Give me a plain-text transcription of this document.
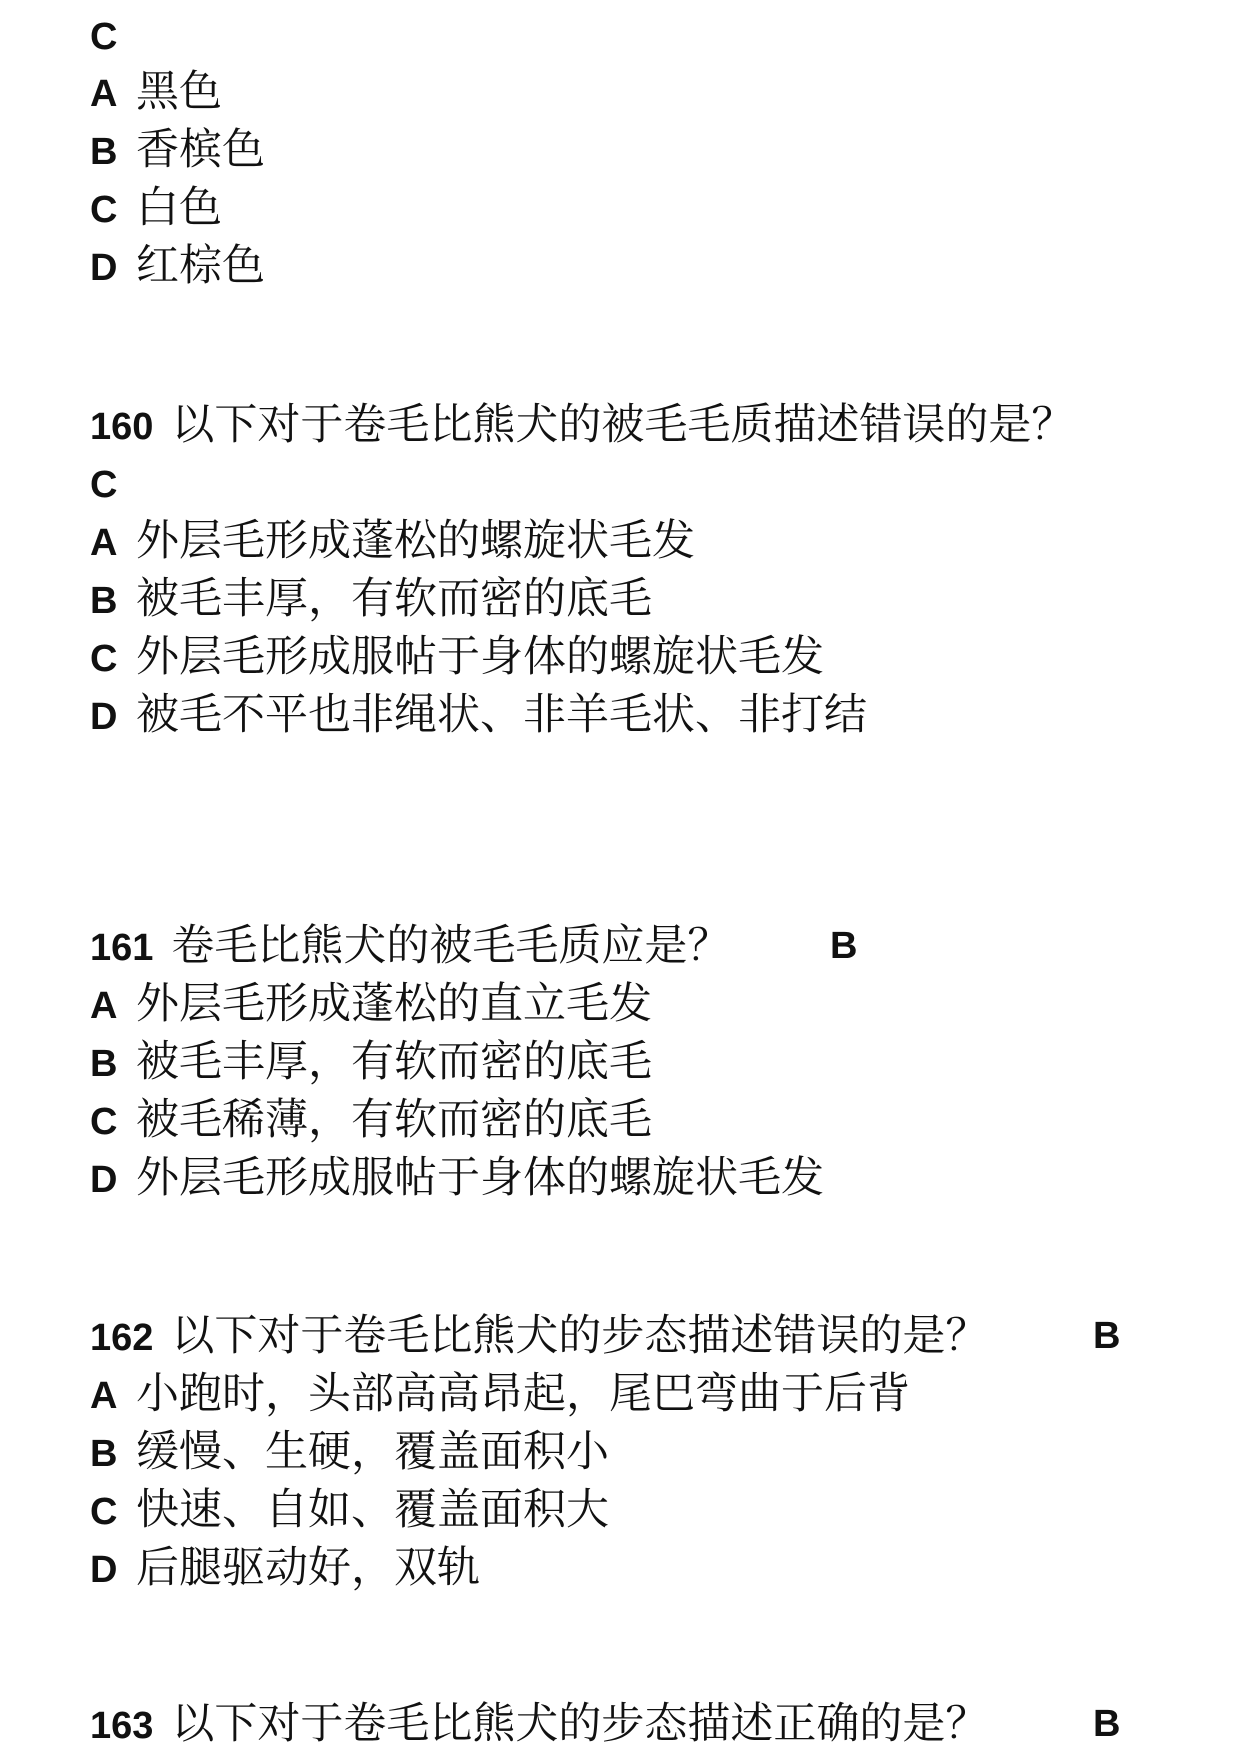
C
A 黑色
B 香槟色
C 白色
D 红棕色
160 以下对于卷毛比熊犬的被毛毛质描述错误的是？
C
A 外层毛形成蓬松的螺旋状毛发
B 被毛丰厚，有软而密的底毛
C 外层毛形成服帖于身体的螺旋状毛发
D 被毛不平也非绳状、非羊毛状、非打结
161 卷毛比熊犬的被毛毛质应是？	B
A 外层毛形成蓬松的直立毛发
B 被毛丰厚，有软而密的底毛
C 被毛稀薄，有软而密的底毛
D 外层毛形成服帖于身体的螺旋状毛发
162 以下对于卷毛比熊犬的步态描述错误的是？	B
A 小跑时，头部高高昂起，尾巴弯曲于后背
B 缓慢、生硬，覆盖面积小
C 快速、自如、覆盖面积大
D 后腿驱动好，双轨
163 以下对于卷毛比熊犬的步态描述正确的是？	B
